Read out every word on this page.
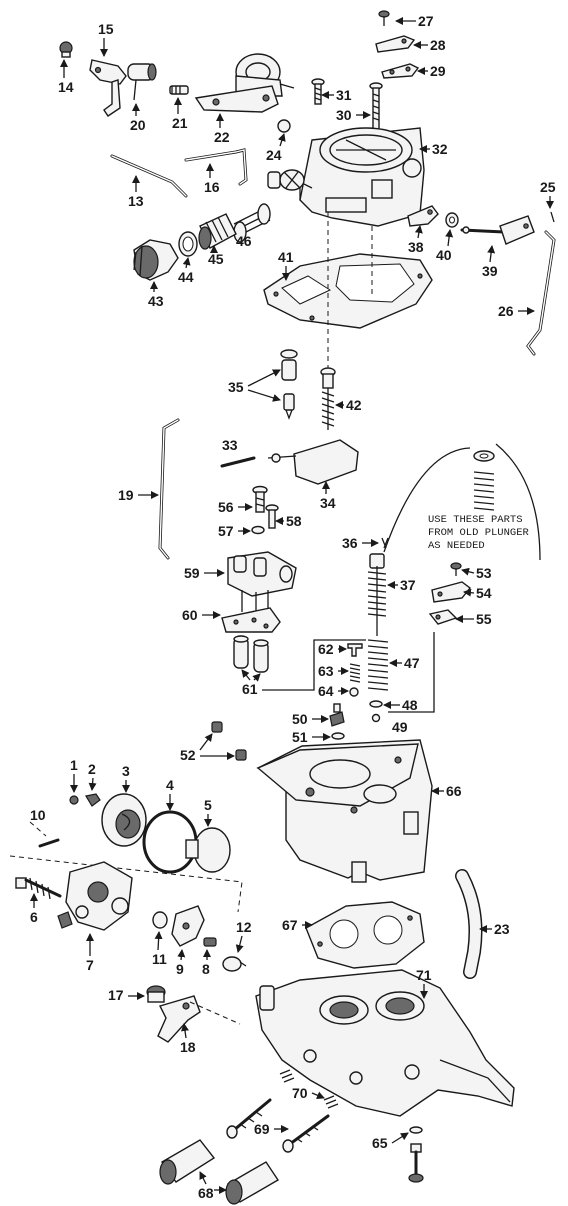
USE THESE PARTS
FROM OLD PLUNGER
AS NEEDED
1 2 3
4
5
6
7	8
9
10
11
12
13
14
15
16
17
18
19
20 21
22
23
24
25
26
27
28
29
30
31
32
33
34
35
36
37
38
39
40
41
42
43
44
45
46
47
48
49
50
51
52
53
54
55
56
57
58
59
60
61
62
63
64
65
66
67
68
69
70
71
